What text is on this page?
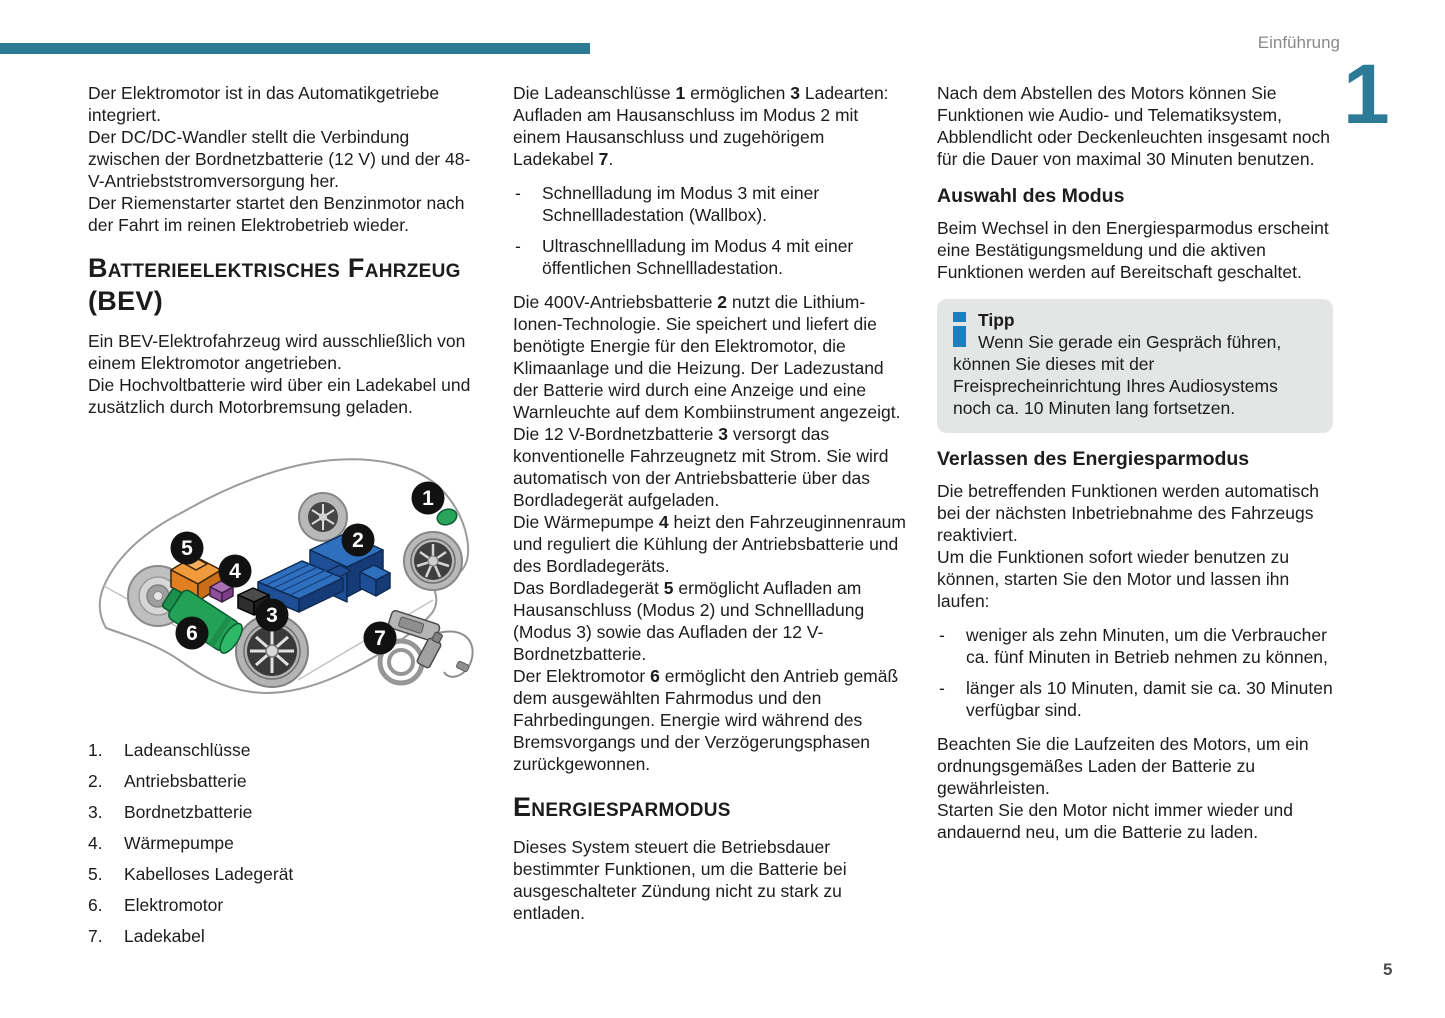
Einführung
1
5

Der Elektromotor ist in das Automatikgetriebe integriert.

Der DC/DC-Wandler stellt die Verbindung zwischen der Bordnetzbatterie (12 V) und der 48-V-Antriebststromversorgung her.

Der Riemenstarter startet den Benzinmotor nach der Fahrt im reinen Elektrobetrieb wieder.

Batterieelektrisches Fahrzeug (BEV)

Ein BEV-Elektrofahrzeug wird ausschließlich von einem Elektromotor angetrieben.

Die Hochvoltbatterie wird über ein Ladekabel und zusätzlich durch Motorbremsung geladen.

1
2
3
4
5
6	7
1.	Ladeanschlüsse
2.	Antriebsbatterie
3.	Bordnetzbatterie
4.	Wärmepumpe
5.	Kabelloses Ladegerät
6.	Elektromotor
7.	Ladekabel

Die Ladeanschlüsse 1 ermöglichen 3 Ladearten: Aufladen am Hausanschluss im Modus 2 mit einem Hausanschluss und zugehörigem Ladekabel 7.

-	Schnellladung im Modus 3 mit einer Schnellladestation (Wallbox).
-	Ultraschnellladung im Modus 4 mit einer öffentlichen Schnellladestation.

Die 400V-Antriebsbatterie 2 nutzt die Lithium-Ionen-Technologie. Sie speichert und liefert die benötigte Energie für den Elektromotor, die Klimaanlage und die Heizung. Der Ladezustand der Batterie wird durch eine Anzeige und eine Warnleuchte auf dem Kombiinstrument angezeigt.

Die 12 V-Bordnetzbatterie 3 versorgt das konventionelle Fahrzeugnetz mit Strom. Sie wird automatisch von der Antriebsbatterie über das Bordladegerät aufgeladen.

Die Wärmepumpe 4 heizt den Fahrzeuginnenraum und reguliert die Kühlung der Antriebsbatterie und des Bordladegeräts.

Das Bordladegerät 5 ermöglicht Aufladen am Hausanschluss (Modus 2) und Schnellladung (Modus 3) sowie das Aufladen der 12 V-Bordnetzbatterie.

Der Elektromotor 6 ermöglicht den Antrieb gemäß dem ausgewählten Fahrmodus und den Fahrbedingungen. Energie wird während des Bremsvorgangs und der Verzögerungsphasen zurückgewonnen.

Energiesparmodus

Dieses System steuert die Betriebsdauer bestimmter Funktionen, um die Batterie bei ausgeschalteter Zündung nicht zu stark zu entladen.

Nach dem Abstellen des Motors können Sie Funktionen wie Audio- und Telematiksystem, Abblendlicht oder Deckenleuchten insgesamt noch für die Dauer von maximal 30 Minuten benutzen.

Auswahl des Modus

Beim Wechsel in den Energiesparmodus erscheint eine Bestätigungsmeldung und die aktiven Funktionen werden auf Bereitschaft geschaltet.

Tipp
Wenn Sie gerade ein Gespräch führen, können Sie dieses mit der Freisprecheinrichtung Ihres Audiosystems noch ca. 10 Minuten lang fortsetzen.
Verlassen des Energiesparmodus

Die betreffenden Funktionen werden automatisch bei der nächsten Inbetriebnahme des Fahrzeugs reaktiviert.

Um die Funktionen sofort wieder benutzen zu können, starten Sie den Motor und lassen ihn laufen:

-	weniger als zehn Minuten, um die Verbraucher ca. fünf Minuten in Betrieb nehmen zu können,
-	länger als 10 Minuten, damit sie ca. 30 Minuten verfügbar sind.

Beachten Sie die Laufzeiten des Motors, um ein ordnungsgemäßes Laden der Batterie zu gewährleisten.

Starten Sie den Motor nicht immer wieder und andauernd neu, um die Batterie zu laden.
